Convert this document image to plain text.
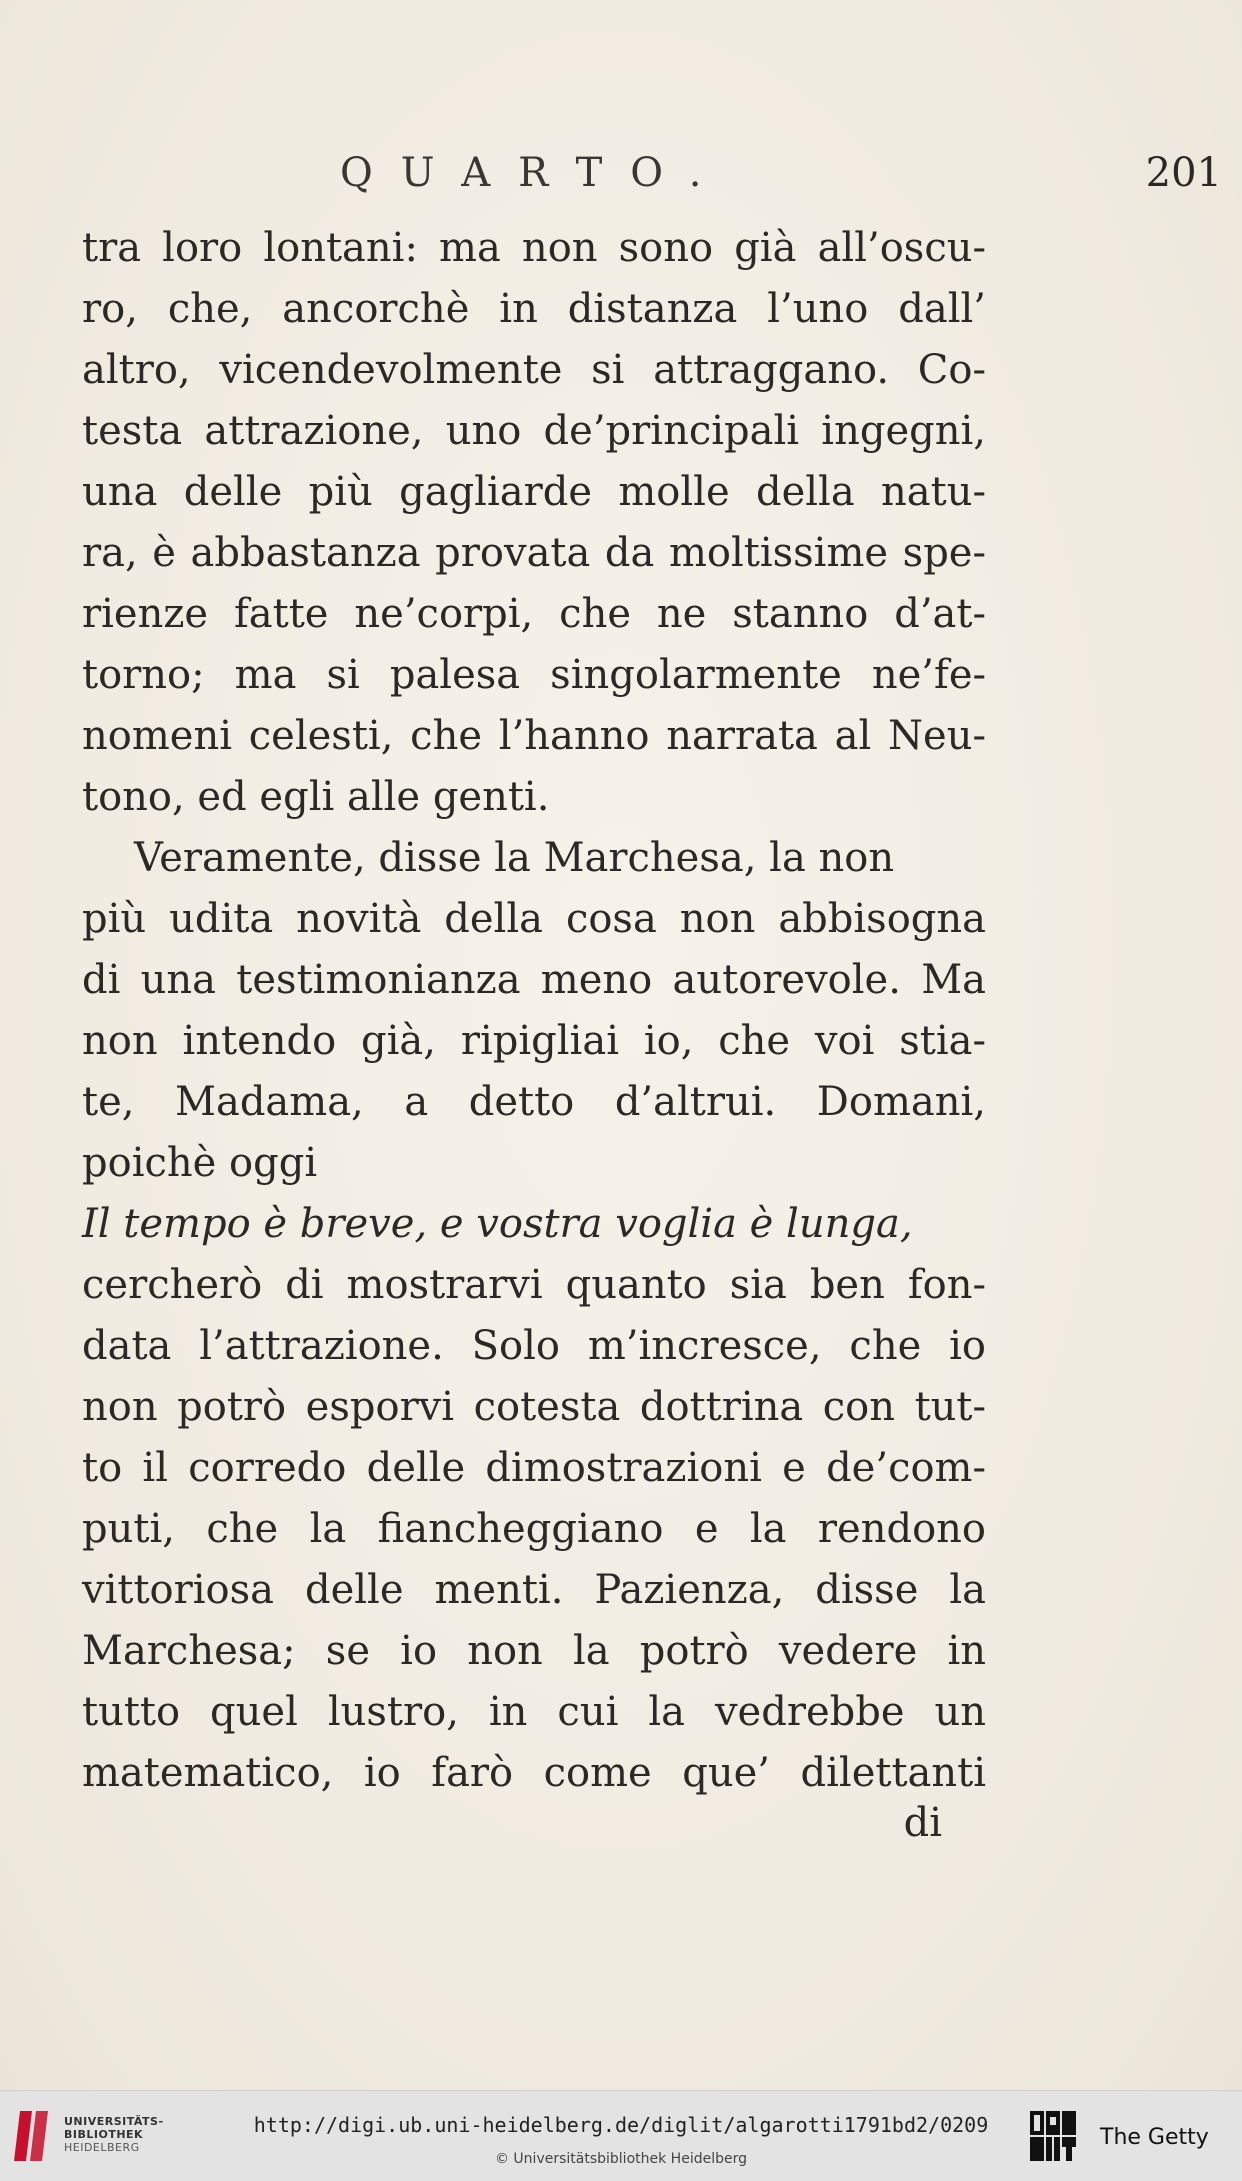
QUARTO.	201
tra loro lontani: ma non sono già all’oscu-
ro, che, ancorchè in distanza l’uno dall’
altro, vicendevolmente si attraggano. Co-
testa attrazione, uno de’principali ingegni,
una delle più gagliarde molle della natu-
ra, è abbastanza provata da moltissime spe-
rienze fatte ne’corpi, che ne stanno d’at-
torno; ma si palesa singolarmente ne’fe-
nomeni celesti, che l’hanno narrata al Neu-
tono, ed egli alle genti.
Veramente, disse la Marchesa, la non
più udita novità della cosa non abbisogna
di una testimonianza meno autorevole. Ma
non intendo già, ripigliai io, che voi stia-
te, Madama, a detto d’altrui. Domani,
poichè oggi
Il tempo è breve, e vostra voglia è lunga,
cercherò di mostrarvi quanto sia ben fon-
data l’attrazione. Solo m’incresce, che io
non potrò esporvi cotesta dottrina con tut-
to il corredo delle dimostrazioni e de’com-
puti, che la fiancheggiano e la rendono
vittoriosa delle menti. Pazienza, disse la
Marchesa; se io non la potrò vedere in
tutto quel lustro, in cui la vedrebbe un
matematico, io farò come que’ dilettanti
di
UNIVERSITÄTS-
BIBLIOTHEK
HEIDELBERG
http://digi.ub.uni-heidelberg.de/diglit/algarotti1791bd2/0209
© Universitätsbibliothek Heidelberg
The Getty
